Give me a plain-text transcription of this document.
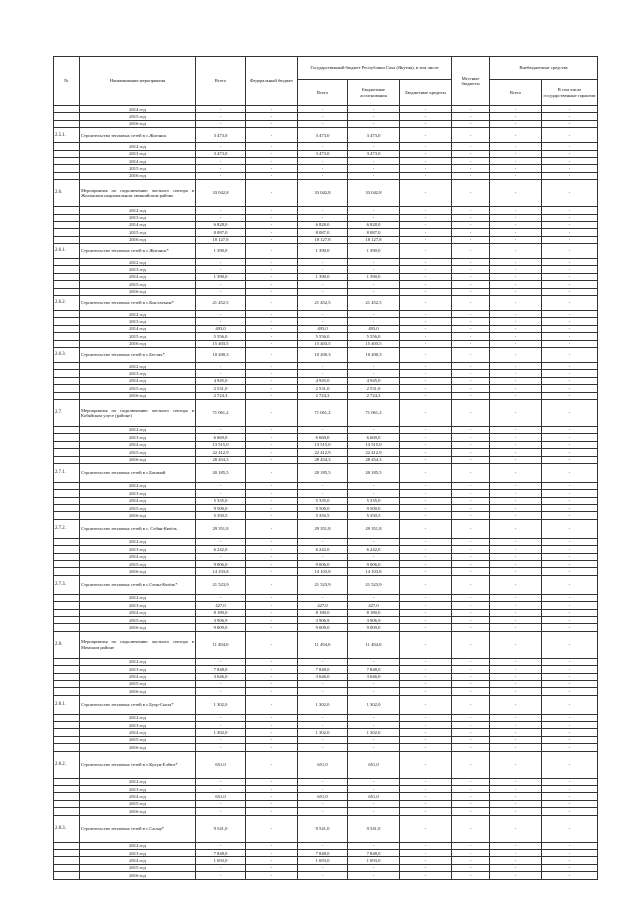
№	Наименование мероприятия	Всего	Федеральный бюджет	Государственный бюджет Республики Саха (Якутия), в том числе			Местные бюджеты	Внебюджетные средства	
				Всего	Бюджетные ассигнования	Бюджетные кредиты		Всего	В том числе государственные гарантии
	2014 год	-	-	-	-	-	-	-	-
	2015 год	-	-	-	-	-	-	-	-
	2016 год	-	-	-	-	-	-	-	-
2.5.1.	Строительство тепловых сетей в с.Жиганск	3 473,0	-	3 473,0	3 473,0	-	-	-	-
	2012 год	-	-	-	-	-	-	-	-
	2013 год	3 473,0	-	3 473,0	3 473,0	-	-	-	-
	2014 год	-	-	-	-	-	-	-	-
	2015 год	-	-	-	-	-	-	-	-
	2016 год	-	-	-	-	-	-	-	-
2.6.	Мероприятия по подключению частного сектора в Жиганском национальном эвенкийском районе	33 042,8	-	33 042,8	33 042,8	-	-	-	-
	2012 год	-	-	-	-	-	-	-	-
	2013 год	-	-	-	-	-	-	-	-
	2014 год	6 828,0	-	6 828,0	6 828,0	-	-	-	-
	2015 год	8 087,0	-	8 087,0	8 087,0	-	-	-	-
	2016 год	18 127,8	-	18 127,8	18 127,8	-	-	-	-
2.6.1.	Строительство тепловых сетей в с.Жиганск*	1 390,0	-	1 390,0	1 390,0	-	-	-	-
	2012 год	-	-	-	-	-	-	-	-
	2013 год	-	-	-	-	-	-	-	-
	2014 год	1 390,0	-	1 390,0	1 390,0	-	-	-	-
	2015 год	-	-	-	-	-	-	-	-
	2016 год	-	-	-	-	-	-	-	-
2.6.2.	Строительство тепловых сетей в с.Кыстатыам*	21 452,5	-	21 452,5	21 452,5	-	-	-	-
	2012 год	-	-	-	-	-	-	-	-
	2013 год	-	-	-	-	-	-	-	-
	2014 год	493,0	-	493,0	493,0	-	-	-	-
	2015 год	5 556,0	-	5 556,0	5 556,0	-	-	-	-
	2016 год	15 403,5	-	15 403,5	15 403,5	-	-	-	-
2.6.3.	Строительство тепловых сетей в с.Бестях*	10 200,3	-	10 200,3	10 200,3	-	-	-	-
	2012 год	-	-	-	-	-	-	-	-
	2013 год	-	-	-	-	-	-	-	-
	2014 год	4 945,0	-	4 945,0	4 945,0	-	-	-	-
	2015 год	2 531,0	-	2 531,0	2 531,0	-	-	-	-
	2016 год	2 724,3	-	2 724,3	2 724,3	-	-	-	-
2.7.	Мероприятия по подключению частного сектора в Кобяйском улусе (районе)	71 061,2	-	71 061,2	71 061,2	-	-	-	-
	2012 год	-	-	-	-	-	-	-	-
	2013 год	6 669,0	-	6 669,0	6 669,0	-	-	-	-
	2014 год	13 515,0	-	13 515,0	13 515,0	-	-	-	-
	2015 год	22 412,9	-	22 412,9	22 412,9	-	-	-	-
	2016 год	28 454,3	-	28 454,3	28 454,3	-	-	-	-
2.7.1.	Строительство тепловых сетей в с.Батамай	20 185,5	-	20 185,5	20 185,5	-	-	-	-
	2012 год	-	-	-	-	-	-	-	-
	2013 год	-	-	-	-	-	-	-	-
	2014 год	5 335,0	-	5 335,0	5 335,0	-	-	-	-
	2015 год	9 500,0	-	9 500,0	9 500,0	-	-	-	-
	2016 год	5 350,5	-	5 350,5	5 350,5	-	-	-	-
2.7.2.	Строительство тепловых сетей в с. Себян-Кюёль	29 351,8	-	29 351,8	29 351,8	-	-	-	-
	2012 год	-	-	-	-	-	-	-	-
	2013 год	6 242,0	-	6 242,0	6 242,0	-	-	-	-
	2014 год	-	-	-	-	-	-	-	-
	2015 год	9 006,0	-	9 006,0	9 006,0	-	-	-	-
	2016 год	14 103,8	-	14 103,8	14 103,8	-	-	-	-
2.7.3.	Строительство тепловых сетей в с.Сегян-Кюёль*	21 523,9	-	21 523,9	21 523,9	-	-	-	-
	2012 год	-	-	-	-	-	-	-	-
	2013 год	427,0	-	427,0	427,0	-	-	-	-
	2014 год	8 180,0	-	8 180,0	8 180,0	-	-	-	-
	2015 год	3 906,9	-	3 906,9	3 906,9	-	-	-	-
	2016 год	9 009,0	-	9 009,0	9 009,0	-	-	-	-
2.8.	Мероприятия по подключению частного сектора в Момском районе	11 494,0	-	11 494,0	11 494,0	-	-	-	-
	2012 год	-	-	-	-	-	-	-	-
	2013 год	7 848,0	-	7 848,0	7 848,0	-	-	-	-
	2014 год	3 646,0	-	3 646,0	3 646,0	-	-	-	-
	2015 год	-	-	-	-	-	-	-	-
	2016 год	-	-	-	-	-	-	-	-
2.8.1.	Строительство тепловых сетей в с.Буор-Сысы*	1 302,0	-	1 302,0	1 302,0	-	-	-	-
	2012 год	-	-	-	-	-	-	-	-
	2013 год	-	-	-	-	-	-	-	-
	2014 год	1 302,0	-	1 302,0	1 302,0	-	-	-	-
	2015 год	-	-	-	-	-	-	-	-
	2016 год	-	-	-	-	-	-	-	-
2.8.2.	Строительство тепловых сетей в с.Кулун-Елбют*	651,0	-	651,0	651,0	-	-	-	-
	2012 год	-	-	-	-	-	-	-	-
	2013 год	-	-	-	-	-	-	-	-
	2014 год	651,0	-	651,0	651,0	-	-	-	-
	2015 год	-	-	-	-	-	-	-	-
	2016 год	-	-	-	-	-	-	-	-
2.8.3.	Строительство тепловых сетей в с.Сасыр*	9 541,0	-	9 541,0	9 541,0	-	-	-	-
	2012 год	-	-	-	-	-	-	-	-
	2013 год	7 848,0	-	7 848,0	7 848,0	-	-	-	-
	2014 год	1 693,0	-	1 693,0	1 693,0	-	-	-	-
	2015 год	-	-	-	-	-	-	-	-
	2016 год	-	-	-	-	-	-	-	-
